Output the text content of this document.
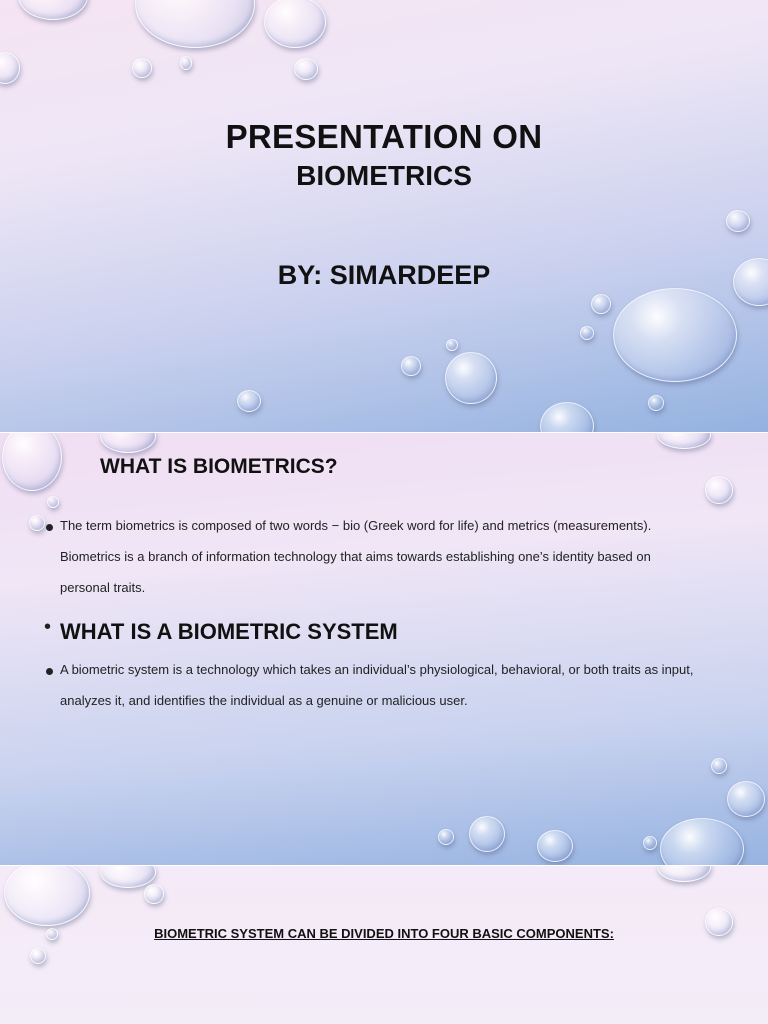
PRESENTATION ON
BIOMETRICS
BY: SIMARDEEP
WHAT IS BIOMETRICS?

The term biometrics is composed of two words − bio (Greek word for life) and metrics (measurements). Biometrics is a branch of information technology that aims towards establishing one’s identity based on personal traits.

• WHAT IS A BIOMETRIC SYSTEM

A biometric system is a technology which takes an individual’s physiological, behavioral, or both traits as input, analyzes it, and identifies the individual as a genuine or malicious user.

BIOMETRIC SYSTEM CAN BE DIVIDED INTO FOUR BASIC COMPONENTS:
